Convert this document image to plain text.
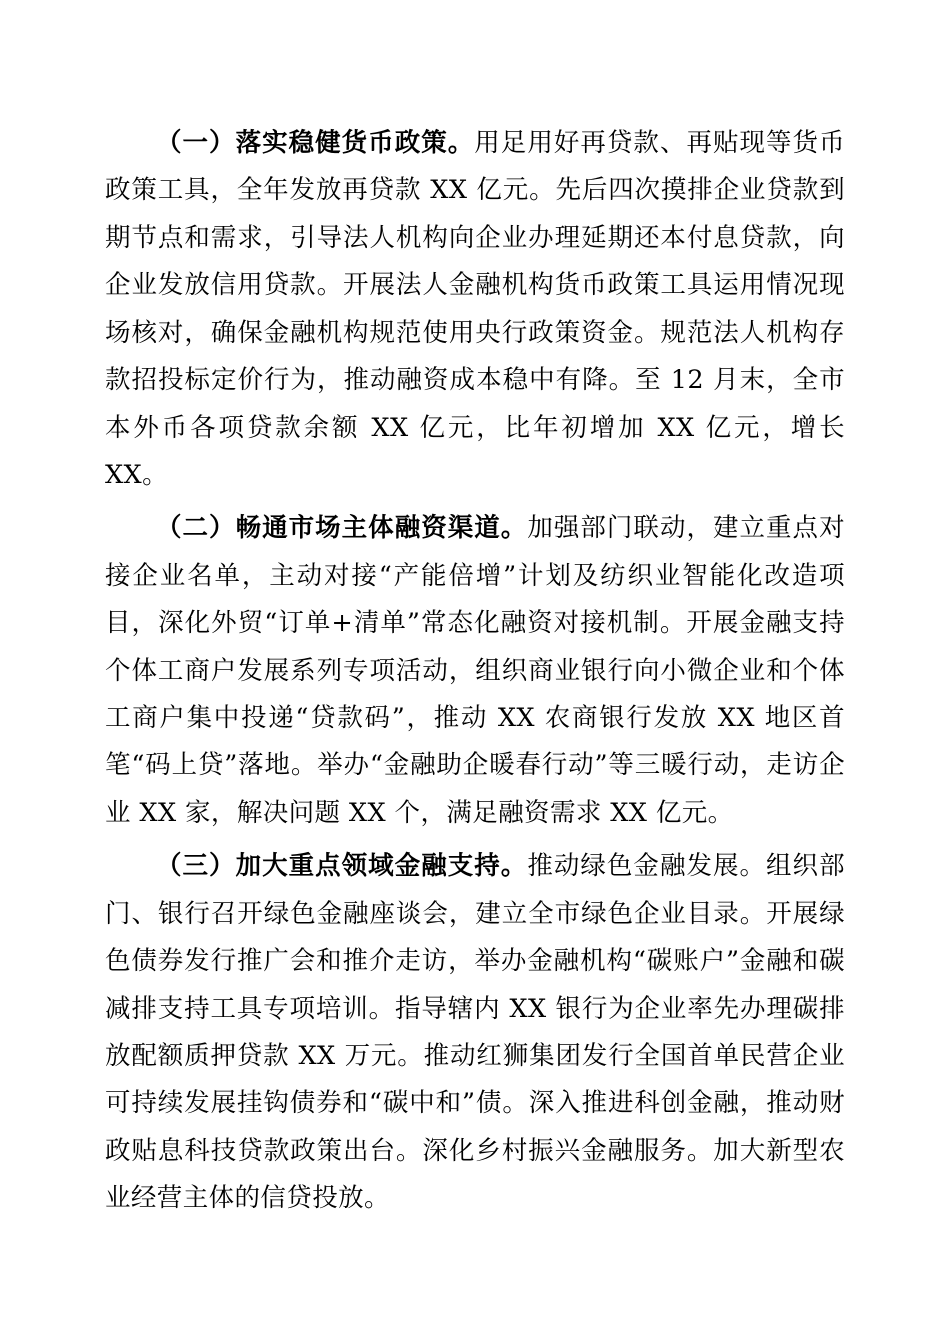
（一）落实稳健货币政策。用足用好再贷款、再贴现等货币政策工具，全年发放再贷款 XX 亿元。先后四次摸排企业贷款到期节点和需求，引导法人机构向企业办理延期还本付息贷款，向企业发放信用贷款。开展法人金融机构货币政策工具运用情况现场核对，确保金融机构规范使用央行政策资金。规范法人机构存款招投标定价行为，推动融资成本稳中有降。至 12 月末，全市本外币各项贷款余额 XX 亿元，比年初增加 XX 亿元，增长 XX。

（二）畅通市场主体融资渠道。加强部门联动，建立重点对接企业名单，主动对接“产能倍增”计划及纺织业智能化改造项目，深化外贸“订单+清单”常态化融资对接机制。开展金融支持个体工商户发展系列专项活动，组织商业银行向小微企业和个体工商户集中投递“贷款码”，推动 XX 农商银行发放 XX 地区首笔“码上贷”落地。举办“金融助企暖春行动”等三暖行动，走访企业 XX 家，解决问题 XX 个，满足融资需求 XX 亿元。

（三）加大重点领域金融支持。推动绿色金融发展。组织部门、银行召开绿色金融座谈会，建立全市绿色企业目录。开展绿色债券发行推广会和推介走访，举办金融机构“碳账户”金融和碳减排支持工具专项培训。指导辖内 XX 银行为企业率先办理碳排放配额质押贷款 XX 万元。推动红狮集团发行全国首单民营企业可持续发展挂钩债券和“碳中和”债。深入推进科创金融，推动财政贴息科技贷款政策出台。深化乡村振兴金融服务。加大新型农业经营主体的信贷投放。
